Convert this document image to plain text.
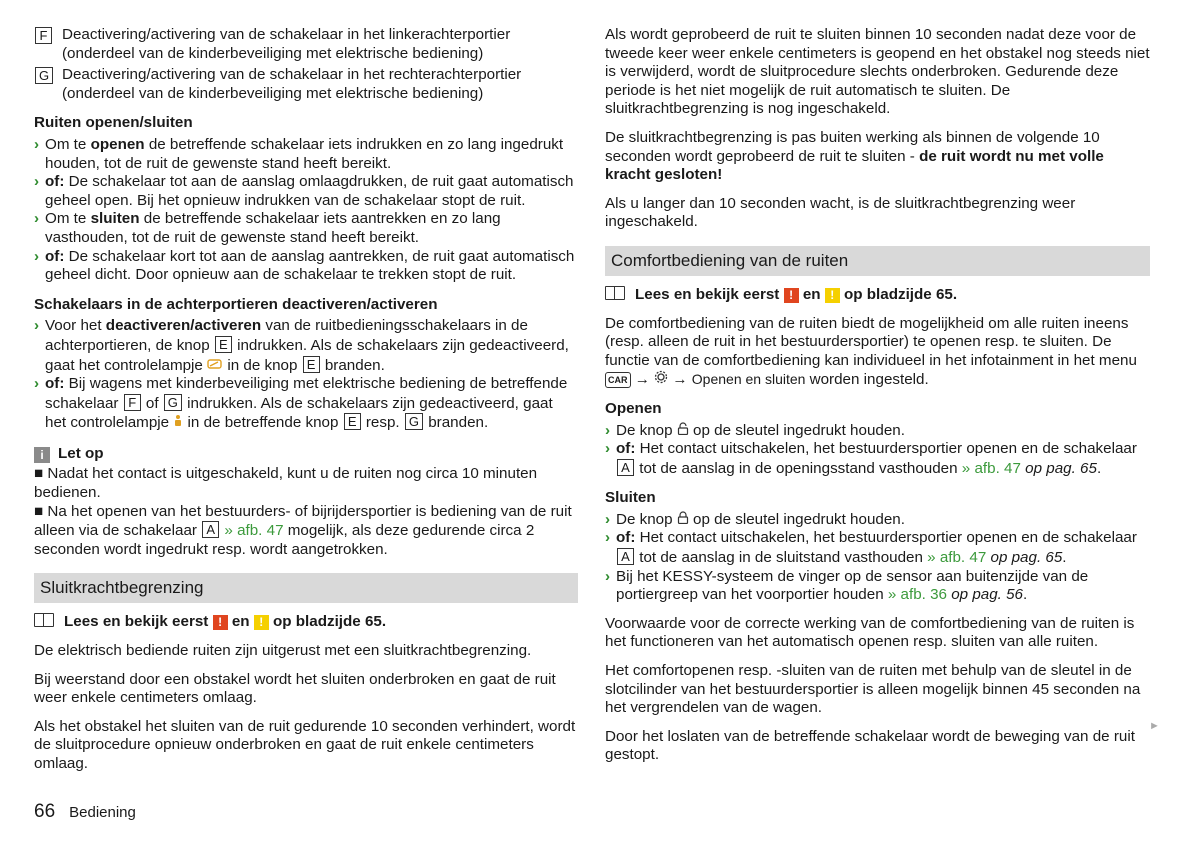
F Deactivering/activering van de schakelaar in het linkerachterportier (onderdeel van de kinderbeveiliging met elektrische bediening)
G Deactivering/activering van de schakelaar in het rechterachterportier (onderdeel van de kinderbeveiliging met elektrische bediening)
Ruiten openen/sluiten
› Om te openen de betreffende schakelaar iets indrukken en zo lang ingedrukt houden, tot de ruit de gewenste stand heeft bereikt.
› of: De schakelaar tot aan de aanslag omlaagdrukken, de ruit gaat automatisch geheel open. Bij het opnieuw indrukken van de schakelaar stopt de ruit.
› Om te sluiten de betreffende schakelaar iets aantrekken en zo lang vasthouden, tot de ruit de gewenste stand heeft bereikt.
› of: De schakelaar kort tot aan de aanslag aantrekken, de ruit gaat automatisch geheel dicht. Door opnieuw aan de schakelaar te trekken stopt de ruit.
Schakelaars in de achterportieren deactiveren/activeren
› Voor het deactiveren/activeren van de ruitbedieningsschakelaars in de achterportieren, de knop E indrukken. Als de schakelaars zijn gedeactiveerd, gaat het controlelampje  in de knop E branden.
› of: Bij wagens met kinderbeveiliging met elektrische bediening de betreffende schakelaar F of G indrukken. Als de schakelaars zijn gedeactiveerd, gaat het controlelampje  in de betreffende knop E resp. G branden.
i Let op
■ Nadat het contact is uitgeschakeld, kunt u de ruiten nog circa 10 minuten bedienen.
■ Na het openen van het bestuurders- of bijrijdersportier is bediening van de ruit alleen via de schakelaar A » afb. 47 mogelijk, als deze gedurende circa 2 seconden wordt ingedrukt resp. wordt aangetrokken.
Sluitkrachtbegrenzing
Lees en bekijk eerst ! en ! op bladzijde 65.

De elektrisch bediende ruiten zijn uitgerust met een sluitkrachtbegrenzing.

Bij weerstand door een obstakel wordt het sluiten onderbroken en gaat de ruit weer enkele centimeters omlaag.

Als het obstakel het sluiten van de ruit gedurende 10 seconden verhindert, wordt de sluitprocedure opnieuw onderbroken en gaat de ruit enkele centimeters omlaag.

Als wordt geprobeerd de ruit te sluiten binnen 10 seconden nadat deze voor de tweede keer weer enkele centimeters is geopend en het obstakel nog steeds niet is verwijderd, wordt de sluitprocedure slechts onderbroken. Gedurende deze periode is het niet mogelijk de ruit automatisch te sluiten. De sluitkrachtbegrenzing is nog ingeschakeld.

De sluitkrachtbegrenzing is pas buiten werking als binnen de volgende 10 seconden wordt geprobeerd de ruit te sluiten - de ruit wordt nu met volle kracht gesloten!

Als u langer dan 10 seconden wacht, is de sluitkrachtbegrenzing weer ingeschakeld.

Comfortbediening van de ruiten
Lees en bekijk eerst ! en ! op bladzijde 65.

De comfortbediening van de ruiten biedt de mogelijkheid om alle ruiten ineens (resp. alleen de ruit in het bestuurdersportier) te openen resp. te sluiten. De functie van de comfortbediening kan individueel in het infotainment in het menu CAR →  → Openen en sluiten worden ingesteld.

Openen
› De knop  op de sleutel ingedrukt houden.
› of: Het contact uitschakelen, het bestuurdersportier openen en de schakelaar A tot de aanslag in de openingsstand vasthouden » afb. 47 op pag. 65.
Sluiten
› De knop  op de sleutel ingedrukt houden.
› of: Het contact uitschakelen, het bestuurdersportier openen en de schakelaar A tot de aanslag in de sluitstand vasthouden » afb. 47 op pag. 65.
› Bij het KESSY-systeem de vinger op de sensor aan buitenzijde van de portiergreep van het voorportier houden » afb. 36 op pag. 56.

Voorwaarde voor de correcte werking van de comfortbediening van de ruiten is het functioneren van het automatisch openen resp. sluiten van alle ruiten.

Het comfortopenen resp. -sluiten van de ruiten met behulp van de sleutel in de slotcilinder van het bestuurdersportier is alleen mogelijk binnen 45 seconden na het vergrendelen van de wagen.

Door het loslaten van de betreffende schakelaar wordt de beweging van de ruit gestopt.

►
66 Bediening
